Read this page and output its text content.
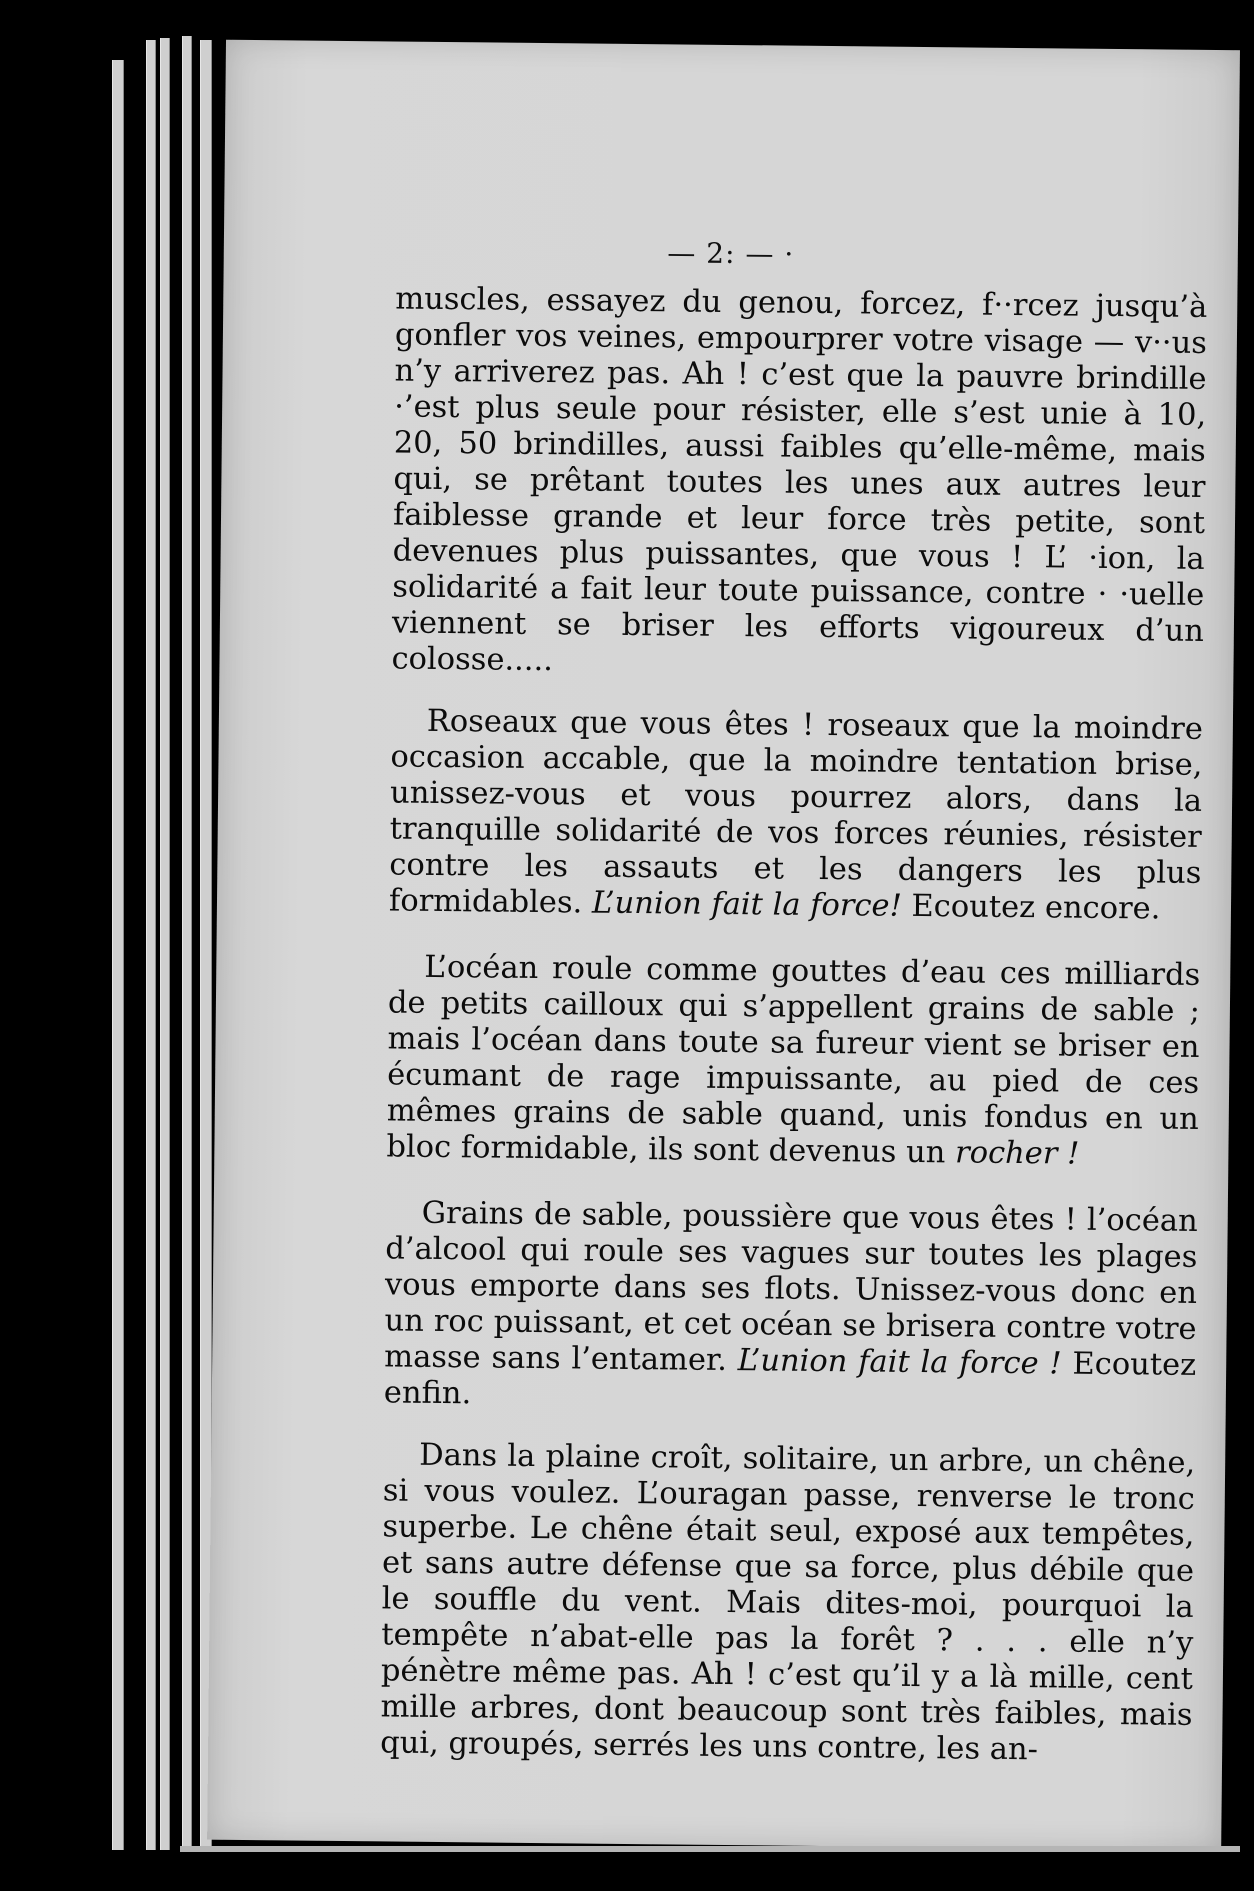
— 2: — ·

muscles, essayez du genou, forcez, f··rcez jusqu’à gonfler vos veines, empourprer votre visage — v··us n’y arriverez pas. Ah ! c’est que la pauvre brindille ·’est plus seule pour résister, elle s’est unie à 10, 20, 50 brindilles, aussi faibles qu’elle-même, mais qui, se prêtant toutes les unes aux autres leur faiblesse grande et leur force très petite, sont devenues plus puissantes, que vous ! L’ ·ion, la solidarité a fait leur toute puissance, contre · ·uelle viennent se briser les efforts vigoureux d’un colosse.....

Roseaux que vous êtes ! roseaux que la moindre occasion accable, que la moindre tentation brise, unissez-vous et vous pourrez alors, dans la tranquille solidarité de vos forces réunies, résister contre les assauts et les dangers les plus formidables. L’union fait la force! Ecoutez encore.

L’océan roule comme gouttes d’eau ces milliards de petits cailloux qui s’appellent grains de sable ; mais l’océan dans toute sa fureur vient se briser en écumant de rage impuissante, au pied de ces mêmes grains de sable quand, unis fondus en un bloc formidable, ils sont devenus un rocher !

Grains de sable, poussière que vous êtes ! l’océan d’alcool qui roule ses vagues sur toutes les plages vous emporte dans ses flots. Unissez-vous donc en un roc puissant, et cet océan se brisera contre votre masse sans l’entamer. L’union fait la force ! Ecoutez enfin.

Dans la plaine croît, solitaire, un arbre, un chêne, si vous voulez. L’ouragan passe, renverse le tronc superbe. Le chêne était seul, exposé aux tempêtes, et sans autre défense que sa force, plus débile que le souffle du vent. Mais dites-moi, pourquoi la tempête n’abat-elle pas la forêt ? . . . elle n’y pénètre même pas. Ah ! c’est qu’il y a là mille, cent mille arbres, dont beaucoup sont très faibles, mais qui, groupés, serrés les uns contre, les an-
